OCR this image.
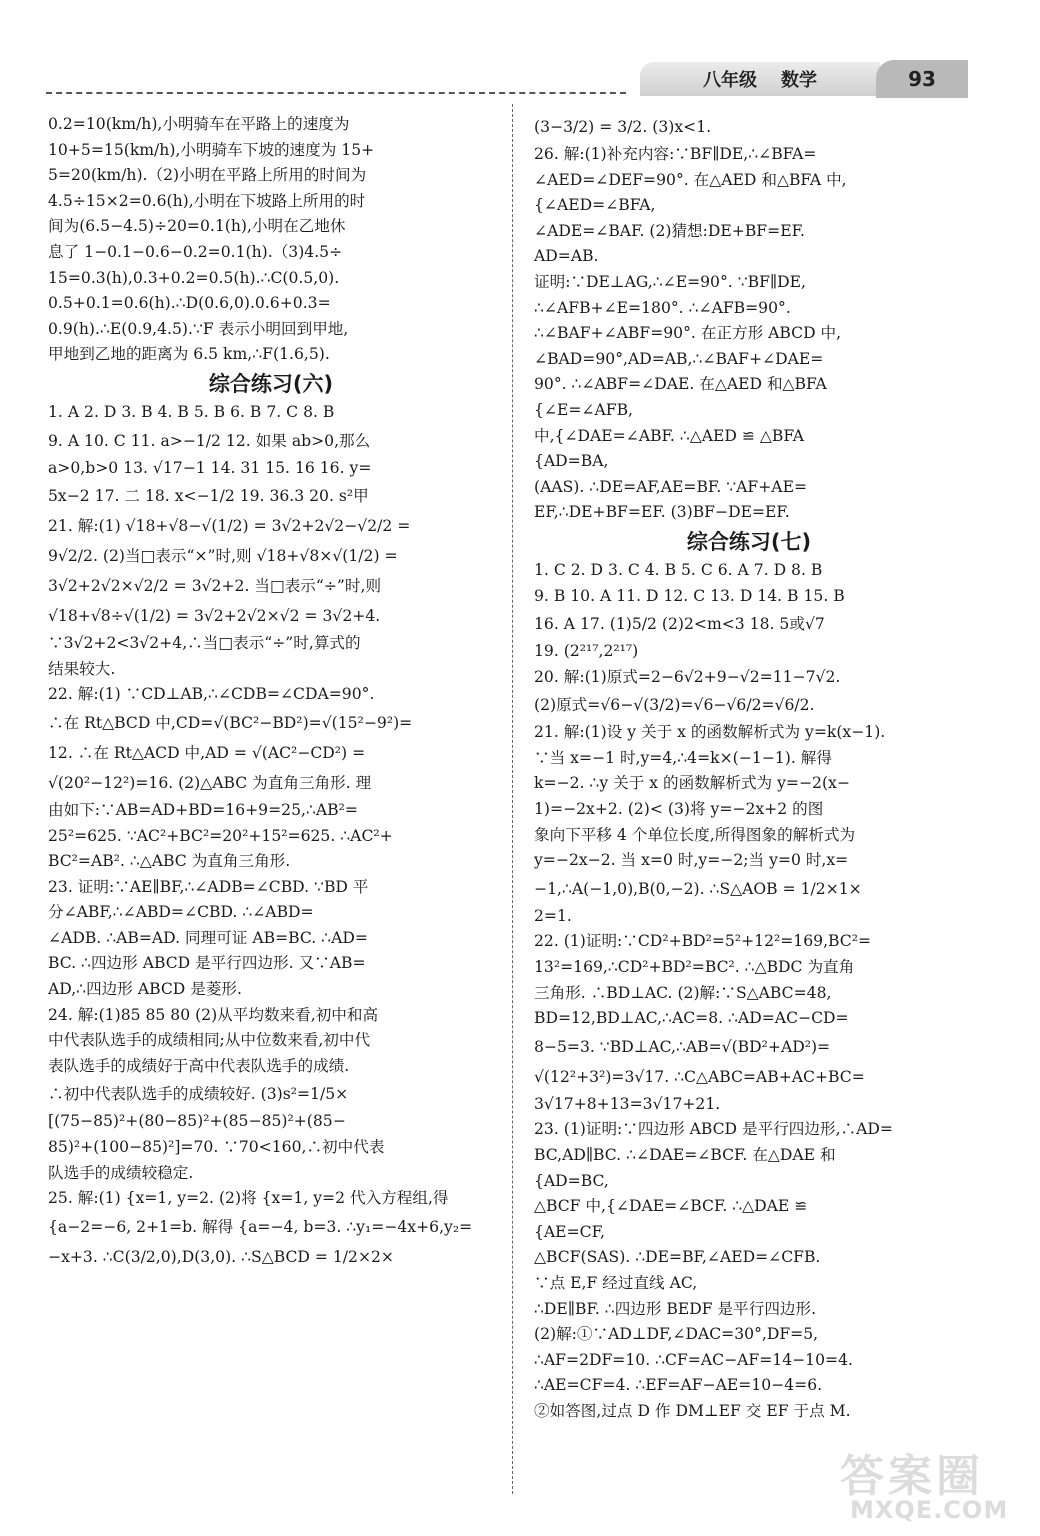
八年级 数学	93

0.2=10(km/h),小明骑车在平路上的速度为

10+5=15(km/h),小明骑车下坡的速度为 15+

5=20(km/h).（2)小明在平路上所用的时间为

4.5÷15×2=0.6(h),小明在下坡路上所用的时

间为(6.5−4.5)÷20=0.1(h),小明在乙地休

息了 1−0.1−0.6−0.2=0.1(h).（3)4.5÷

15=0.3(h),0.3+0.2=0.5(h).∴C(0.5,0).

0.5+0.1=0.6(h).∴D(0.6,0).0.6+0.3=

0.9(h).∴E(0.9,4.5).∵F 表示小明回到甲地,

甲地到乙地的距离为 6.5 km,∴F(1.6,5).

综合练习(六)

1. A 2. D 3. B 4. B 5. B 6. B 7. C 8. B

9. A 10. C 11. a>−1/2 12. 如果 ab>0,那么

a>0,b>0 13. √17−1 14. 31 15. 16 16. y=

5x−2 17. 二 18. x<−1/2 19. 36.3 20. s²甲

21. 解:(1) √18+√8−√(1/2) = 3√2+2√2−√2/2 =

9√2/2. (2)当□表示“×”时,则 √18+√8×√(1/2) =

3√2+2√2×√2/2 = 3√2+2. 当□表示“÷”时,则

√18+√8÷√(1/2) = 3√2+2√2×√2 = 3√2+4.

∵3√2+2<3√2+4,∴当□表示“÷”时,算式的

结果较大.

22. 解:(1) ∵CD⊥AB,∴∠CDB=∠CDA=90°.

∴在 Rt△BCD 中,CD=√(BC²−BD²)=√(15²−9²)=

12. ∴在 Rt△ACD 中,AD = √(AC²−CD²) =

√(20²−12²)=16. (2)△ABC 为直角三角形. 理

由如下:∵AB=AD+BD=16+9=25,∴AB²=

25²=625. ∵AC²+BC²=20²+15²=625. ∴AC²+

BC²=AB². ∴△ABC 为直角三角形.

23. 证明:∵AE∥BF,∴∠ADB=∠CBD. ∵BD 平

分∠ABF,∴∠ABD=∠CBD. ∴∠ABD=

∠ADB. ∴AB=AD. 同理可证 AB=BC. ∴AD=

BC. ∴四边形 ABCD 是平行四边形. 又∵AB=

AD,∴四边形 ABCD 是菱形.

24. 解:(1)85 85 80 (2)从平均数来看,初中和高

中代表队选手的成绩相同;从中位数来看,初中代

表队选手的成绩好于高中代表队选手的成绩.

∴初中代表队选手的成绩较好. (3)s²=1/5×

[(75−85)²+(80−85)²+(85−85)²+(85−

85)²+(100−85)²]=70. ∵70<160,∴初中代表

队选手的成绩较稳定.

25. 解:(1) {x=1, y=2. (2)将 {x=1, y=2 代入方程组,得

{a−2=−6, 2+1=b. 解得 {a=−4, b=3. ∴y₁=−4x+6,y₂=

−x+3. ∴C(3/2,0),D(3,0). ∴S△BCD = 1/2×2×

(3−3/2) = 3/2. (3)x<1.

26. 解:(1)补充内容:∵BF∥DE,∴∠BFA=

∠AED=∠DEF=90°. 在△AED 和△BFA 中,

{∠AED=∠BFA,

∠ADE=∠BAF. (2)猜想:DE+BF=EF.

AD=AB.

证明:∵DE⊥AG,∴∠E=90°. ∵BF∥DE,

∴∠AFB+∠E=180°. ∴∠AFB=90°.

∴∠BAF+∠ABF=90°. 在正方形 ABCD 中,

∠BAD=90°,AD=AB,∴∠BAF+∠DAE=

90°. ∴∠ABF=∠DAE. 在△AED 和△BFA

{∠E=∠AFB,

中,{∠DAE=∠ABF. ∴△AED ≌ △BFA

{AD=BA,

(AAS). ∴DE=AF,AE=BF. ∵AF+AE=

EF,∴DE+BF=EF. (3)BF−DE=EF.

综合练习(七)

1. C 2. D 3. C 4. B 5. C 6. A 7. D 8. B

9. B 10. A 11. D 12. C 13. D 14. B 15. B

16. A 17. (1)5/2 (2)2<m<3 18. 5或√7

19. (2²¹⁷,2²¹⁷)

20. 解:(1)原式=2−6√2+9−√2=11−7√2.

(2)原式=√6−√(3/2)=√6−√6/2=√6/2.

21. 解:(1)设 y 关于 x 的函数解析式为 y=k(x−1).

∵当 x=−1 时,y=4,∴4=k×(−1−1). 解得

k=−2. ∴y 关于 x 的函数解析式为 y=−2(x−

1)=−2x+2. (2)< (3)将 y=−2x+2 的图

象向下平移 4 个单位长度,所得图象的解析式为

y=−2x−2. 当 x=0 时,y=−2;当 y=0 时,x=

−1,∴A(−1,0),B(0,−2). ∴S△AOB = 1/2×1×

2=1.

22. (1)证明:∵CD²+BD²=5²+12²=169,BC²=

13²=169,∴CD²+BD²=BC². ∴△BDC 为直角

三角形. ∴BD⊥AC. (2)解:∵S△ABC=48,

BD=12,BD⊥AC,∴AC=8. ∴AD=AC−CD=

8−5=3. ∵BD⊥AC,∴AB=√(BD²+AD²)=

√(12²+3²)=3√17. ∴C△ABC=AB+AC+BC=

3√17+8+13=3√17+21.

23. (1)证明:∵四边形 ABCD 是平行四边形,∴AD=

BC,AD∥BC. ∴∠DAE=∠BCF. 在△DAE 和

{AD=BC,

△BCF 中,{∠DAE=∠BCF. ∴△DAE ≌

{AE=CF,

△BCF(SAS). ∴DE=BF,∠AED=∠CFB.

∵点 E,F 经过直线 AC,

∴DE∥BF. ∴四边形 BEDF 是平行四边形.

(2)解:①∵AD⊥DF,∠DAC=30°,DF=5,

∴AF=2DF=10. ∴CF=AC−AF=14−10=4.

∴AE=CF=4. ∴EF=AF−AE=10−4=6.

②如答图,过点 D 作 DM⊥EF 交 EF 于点 M.

答案圈
MXQE.COM
